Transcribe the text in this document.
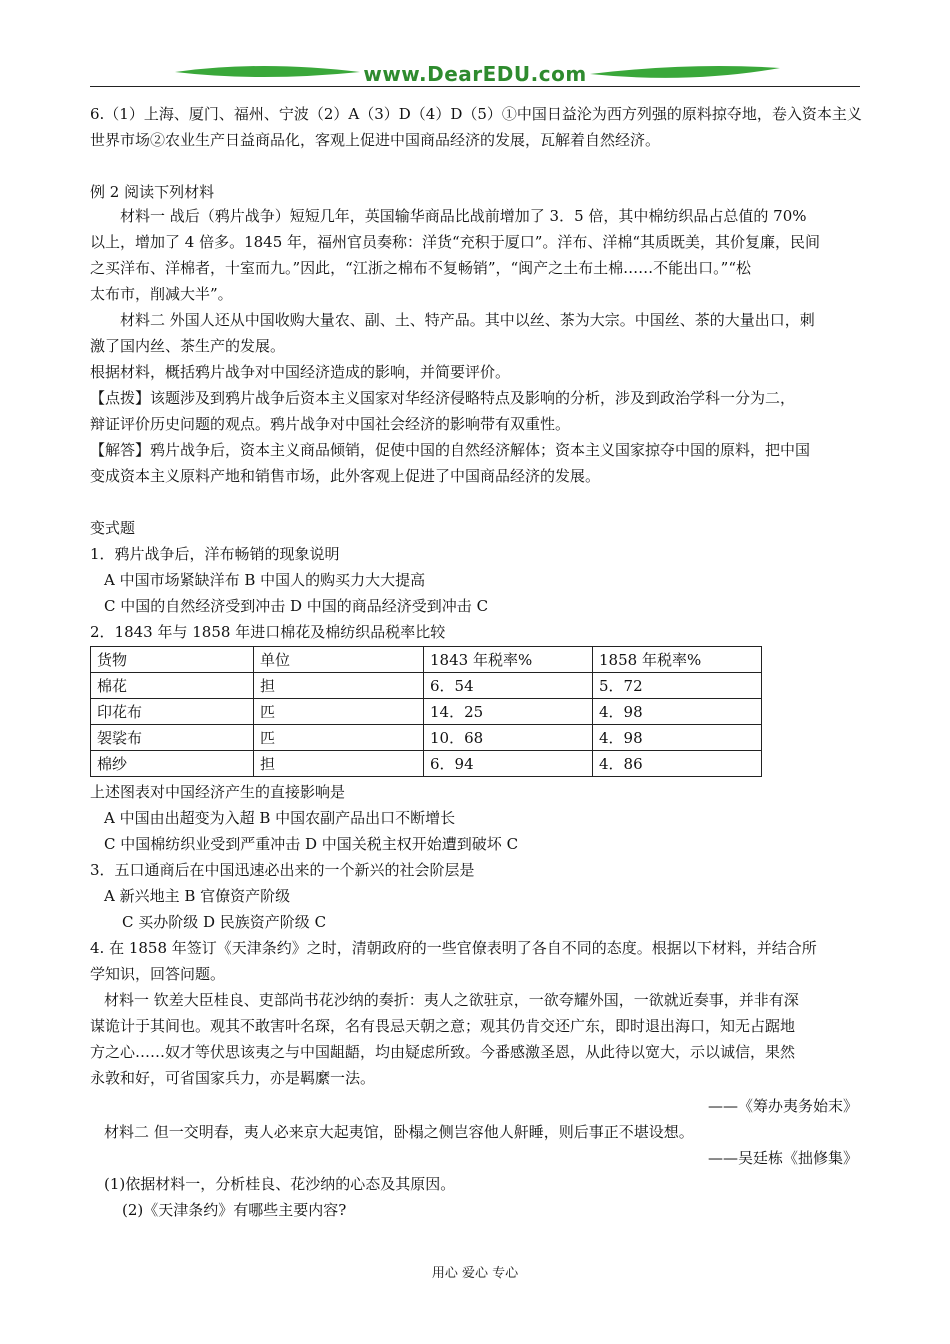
www.DearEDU.com
6.（1）上海、厦门、福州、宁波（2）A（3）D（4）D（5）①中国日益沦为西方列强的原料掠夺地，卷入资本主义
世界市场②农业生产日益商品化，客观上促进中国商品经济的发展，瓦解着自然经济。
例 2 阅读下列材料
材料一 战后（鸦片战争）短短几年，英国输华商品比战前增加了 3．5 倍，其中棉纺织品占总值的 70%
以上，增加了 4 倍多。1845 年，福州官员奏称：洋货“充积于厦口”。洋布、洋棉“其质既美，其价复廉，民间
之买洋布、洋棉者，十室而九。”因此，“江浙之棉布不复畅销”，“闽产之土布土棉……不能出口。”“松
太布市，削减大半”。
材料二 外国人还从中国收购大量农、副、土、特产品。其中以丝、茶为大宗。中国丝、茶的大量出口，刺
激了国内丝、茶生产的发展。
根据材料，概括鸦片战争对中国经济造成的影响，并简要评价。
【点拨】该题涉及到鸦片战争后资本主义国家对华经济侵略特点及影响的分析，涉及到政治学科一分为二，
辩证评价历史问题的观点。鸦片战争对中国社会经济的影响带有双重性。
【解答】鸦片战争后，资本主义商品倾销，促使中国的自然经济解体；资本主义国家掠夺中国的原料，把中国
变成资本主义原料产地和销售市场，此外客观上促进了中国商品经济的发展。
变式题
1．鸦片战争后，洋布畅销的现象说明
A 中国市场紧缺洋布 B 中国人的购买力大大提高
C 中国的自然经济受到冲击 D 中国的商品经济受到冲击 C
2．1843 年与 1858 年进口棉花及棉纺织品税率比较
货物	单位	1843 年税率%	1858 年税率%
棉花	担	6．54	5．72
印花布	匹	14．25	4．98
袈裟布	匹	10．68	4．98
棉纱	担	6．94	4．86
上述图表对中国经济产生的直接影响是
A 中国由出超变为入超 B 中国农副产品出口不断增长
C 中国棉纺织业受到严重冲击 D 中国关税主权开始遭到破坏 C
3．五口通商后在中国迅速必出来的一个新兴的社会阶层是
A 新兴地主 B 官僚资产阶级
C 买办阶级 D 民族资产阶级 C
4. 在 1858 年签订《天津条约》之时，清朝政府的一些官僚表明了各自不同的态度。根据以下材料，并结合所
学知识，回答问题。
材料一 钦差大臣桂良、吏部尚书花沙纳的奏折：夷人之欲驻京，一欲夸耀外国，一欲就近奏事，并非有深
谋诡计于其间也。观其不敢害叶名琛，名有畏忌天朝之意；观其仍肯交还广东，即时退出海口，知无占踞地
方之心……奴才等伏思该夷之与中国龃龉，均由疑虑所致。今番感激圣恩，从此待以宽大，示以诚信，果然
永敦和好，可省国家兵力，亦是羁縻一法。
——《筹办夷务始末》
材料二 但一交明春，夷人必来京大起夷馆，卧榻之侧岂容他人鼾睡，则后事正不堪设想。
——吴廷栋《拙修集》
(1)依据材料一，分析桂良、花沙纳的心态及其原因。
(2)《天津条约》有哪些主要内容?
用心 爱心 专心
